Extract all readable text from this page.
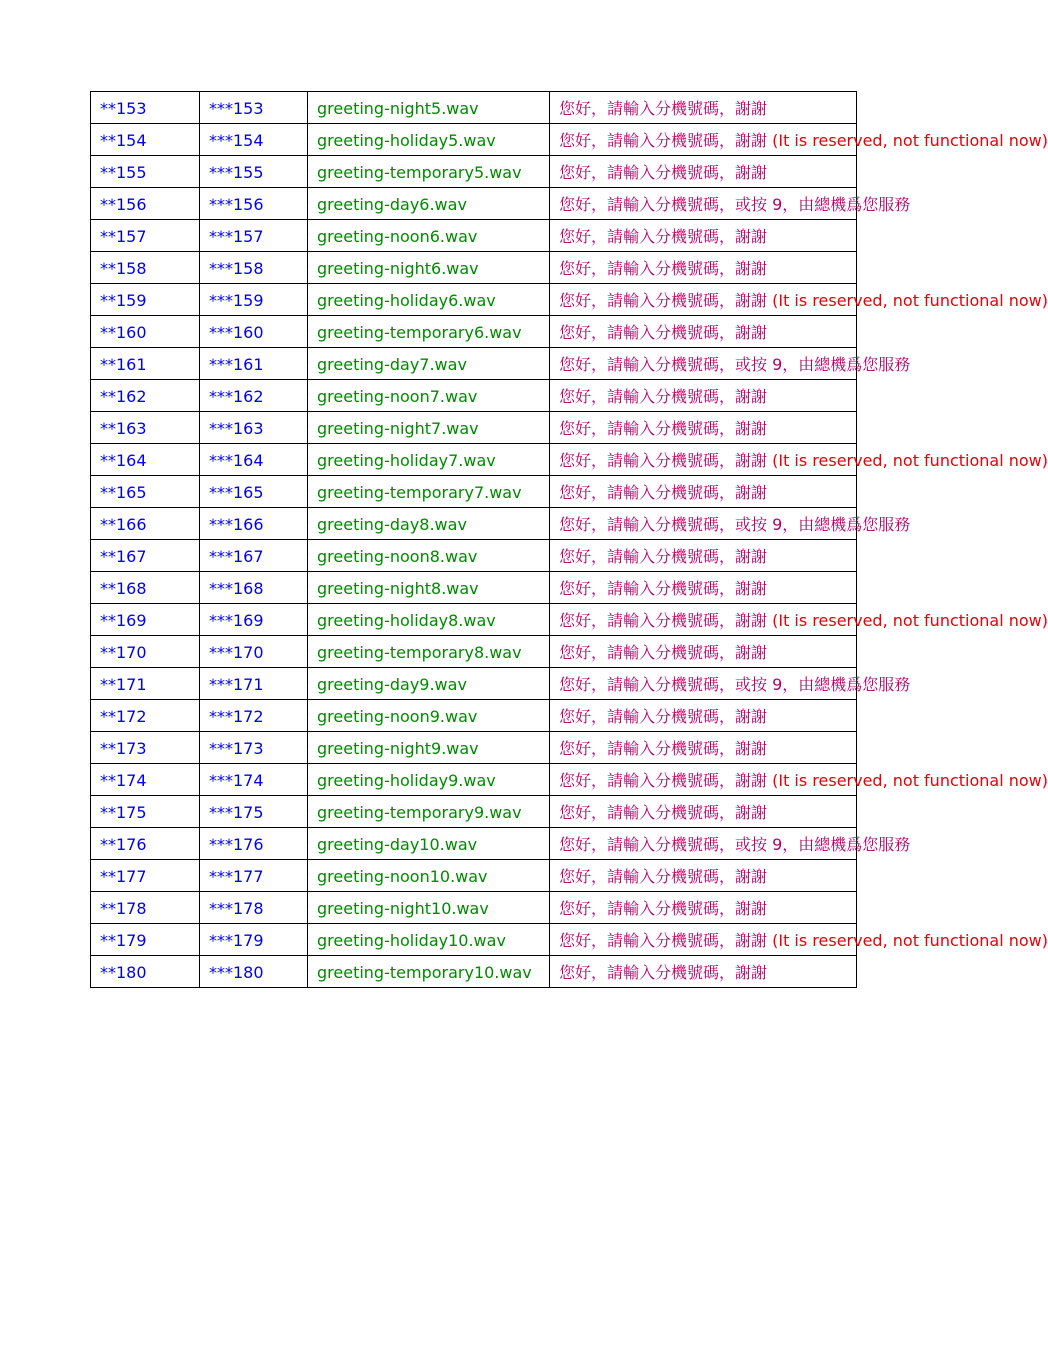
**153	***153	greeting-night5.wav	您好，請輸入分機號碼，謝謝
**154	***154	greeting-holiday5.wav	您好，請輸入分機號碼，謝謝 (It is reserved, not functional now)
**155	***155	greeting-temporary5.wav	您好，請輸入分機號碼，謝謝
**156	***156	greeting-day6.wav	您好，請輸入分機號碼，或按 9，由總機爲您服務
**157	***157	greeting-noon6.wav	您好，請輸入分機號碼，謝謝
**158	***158	greeting-night6.wav	您好，請輸入分機號碼，謝謝
**159	***159	greeting-holiday6.wav	您好，請輸入分機號碼，謝謝 (It is reserved, not functional now)
**160	***160	greeting-temporary6.wav	您好，請輸入分機號碼，謝謝
**161	***161	greeting-day7.wav	您好，請輸入分機號碼，或按 9，由總機爲您服務
**162	***162	greeting-noon7.wav	您好，請輸入分機號碼，謝謝
**163	***163	greeting-night7.wav	您好，請輸入分機號碼，謝謝
**164	***164	greeting-holiday7.wav	您好，請輸入分機號碼，謝謝 (It is reserved, not functional now)
**165	***165	greeting-temporary7.wav	您好，請輸入分機號碼，謝謝
**166	***166	greeting-day8.wav	您好，請輸入分機號碼，或按 9，由總機爲您服務
**167	***167	greeting-noon8.wav	您好，請輸入分機號碼，謝謝
**168	***168	greeting-night8.wav	您好，請輸入分機號碼，謝謝
**169	***169	greeting-holiday8.wav	您好，請輸入分機號碼，謝謝 (It is reserved, not functional now)
**170	***170	greeting-temporary8.wav	您好，請輸入分機號碼，謝謝
**171	***171	greeting-day9.wav	您好，請輸入分機號碼，或按 9，由總機爲您服務
**172	***172	greeting-noon9.wav	您好，請輸入分機號碼，謝謝
**173	***173	greeting-night9.wav	您好，請輸入分機號碼，謝謝
**174	***174	greeting-holiday9.wav	您好，請輸入分機號碼，謝謝 (It is reserved, not functional now)
**175	***175	greeting-temporary9.wav	您好，請輸入分機號碼，謝謝
**176	***176	greeting-day10.wav	您好，請輸入分機號碼，或按 9，由總機爲您服務
**177	***177	greeting-noon10.wav	您好，請輸入分機號碼，謝謝
**178	***178	greeting-night10.wav	您好，請輸入分機號碼，謝謝
**179	***179	greeting-holiday10.wav	您好，請輸入分機號碼，謝謝 (It is reserved, not functional now)
**180	***180	greeting-temporary10.wav	您好，請輸入分機號碼，謝謝
